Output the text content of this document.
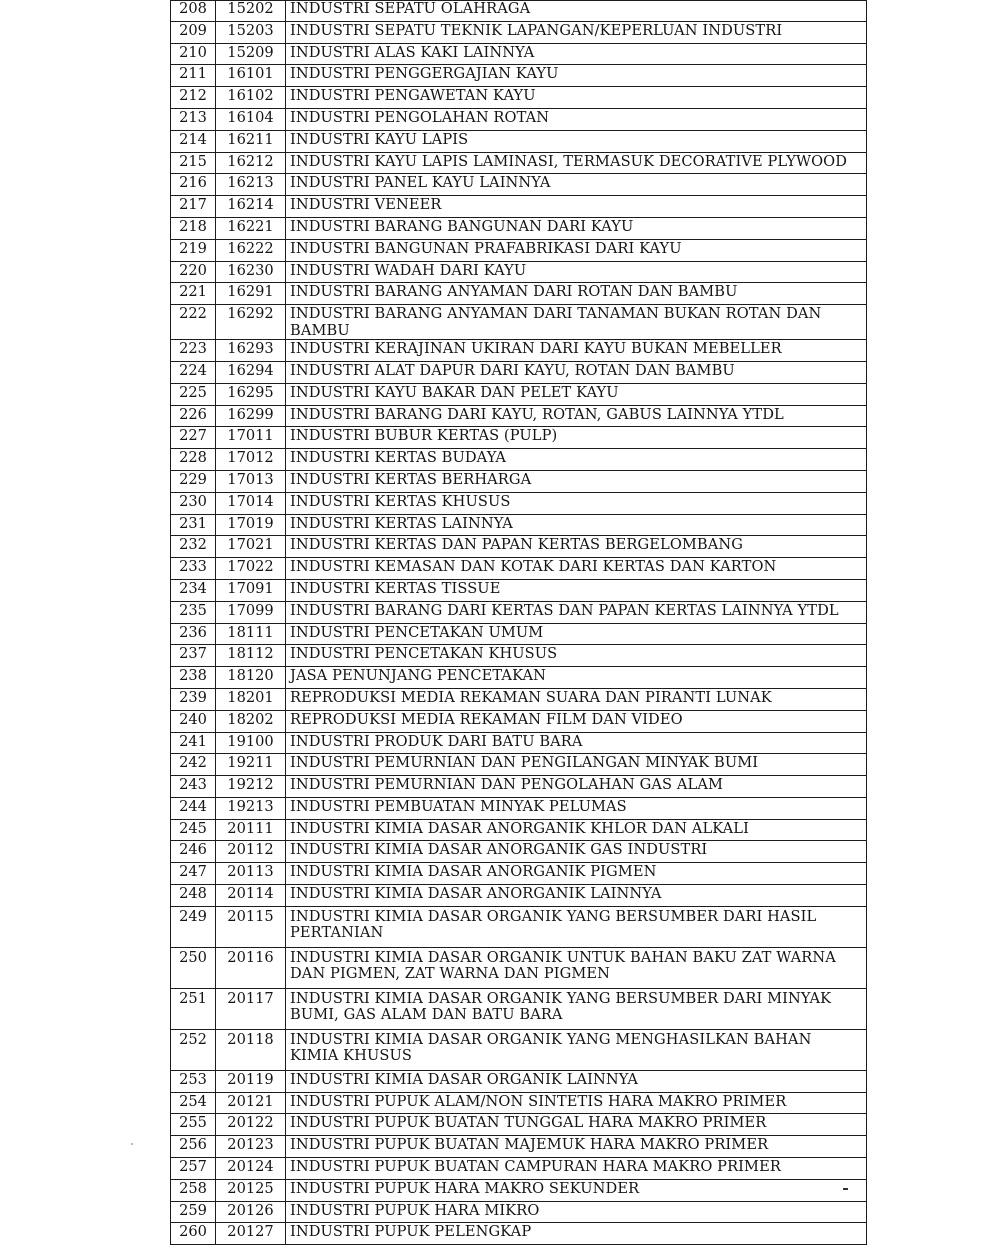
208	15202	INDUSTRI SEPATU OLAHRAGA
209	15203	INDUSTRI SEPATU TEKNIK LAPANGAN/KEPERLUAN INDUSTRI
210	15209	INDUSTRI ALAS KAKI LAINNYA
211	16101	INDUSTRI PENGGERGAJIAN KAYU
212	16102	INDUSTRI PENGAWETAN KAYU
213	16104	INDUSTRI PENGOLAHAN ROTAN
214	16211	INDUSTRI KAYU LAPIS
215	16212	INDUSTRI KAYU LAPIS LAMINASI, TERMASUK DECORATIVE PLYWOOD
216	16213	INDUSTRI PANEL KAYU LAINNYA
217	16214	INDUSTRI VENEER
218	16221	INDUSTRI BARANG BANGUNAN DARI KAYU
219	16222	INDUSTRI BANGUNAN PRAFABRIKASI DARI KAYU
220	16230	INDUSTRI WADAH DARI KAYU
221	16291	INDUSTRI BARANG ANYAMAN DARI ROTAN DAN BAMBU
222	16292	INDUSTRI BARANG ANYAMAN DARI TANAMAN BUKAN ROTAN DAN BAMBU
223	16293	INDUSTRI KERAJINAN UKIRAN DARI KAYU BUKAN MEBELLER
224	16294	INDUSTRI ALAT DAPUR DARI KAYU, ROTAN DAN BAMBU
225	16295	INDUSTRI KAYU BAKAR DAN PELET KAYU
226	16299	INDUSTRI BARANG DARI KAYU, ROTAN, GABUS LAINNYA YTDL
227	17011	INDUSTRI BUBUR KERTAS (PULP)
228	17012	INDUSTRI KERTAS BUDAYA
229	17013	INDUSTRI KERTAS BERHARGA
230	17014	INDUSTRI KERTAS KHUSUS
231	17019	INDUSTRI KERTAS LAINNYA
232	17021	INDUSTRI KERTAS DAN PAPAN KERTAS BERGELOMBANG
233	17022	INDUSTRI KEMASAN DAN KOTAK DARI KERTAS DAN KARTON
234	17091	INDUSTRI KERTAS TISSUE
235	17099	INDUSTRI BARANG DARI KERTAS DAN PAPAN KERTAS LAINNYA YTDL
236	18111	INDUSTRI PENCETAKAN UMUM
237	18112	INDUSTRI PENCETAKAN KHUSUS
238	18120	JASA PENUNJANG PENCETAKAN
239	18201	REPRODUKSI MEDIA REKAMAN SUARA DAN PIRANTI LUNAK
240	18202	REPRODUKSI MEDIA REKAMAN FILM DAN VIDEO
241	19100	INDUSTRI PRODUK DARI BATU BARA
242	19211	INDUSTRI PEMURNIAN DAN PENGILANGAN MINYAK BUMI
243	19212	INDUSTRI PEMURNIAN DAN PENGOLAHAN GAS ALAM
244	19213	INDUSTRI PEMBUATAN MINYAK PELUMAS
245	20111	INDUSTRI KIMIA DASAR ANORGANIK KHLOR DAN ALKALI
246	20112	INDUSTRI KIMIA DASAR ANORGANIK GAS INDUSTRI
247	20113	INDUSTRI KIMIA DASAR ANORGANIK PIGMEN
248	20114	INDUSTRI KIMIA DASAR ANORGANIK LAINNYA
249	20115	INDUSTRI KIMIA DASAR ORGANIK YANG BERSUMBER DARI HASIL PERTANIAN
250	20116	INDUSTRI KIMIA DASAR ORGANIK UNTUK BAHAN BAKU ZAT WARNA DAN PIGMEN, ZAT WARNA DAN PIGMEN
251	20117	INDUSTRI KIMIA DASAR ORGANIK YANG BERSUMBER DARI MINYAK BUMI, GAS ALAM DAN BATU BARA
252	20118	INDUSTRI KIMIA DASAR ORGANIK YANG MENGHASILKAN BAHAN KIMIA KHUSUS
253	20119	INDUSTRI KIMIA DASAR ORGANIK LAINNYA
254	20121	INDUSTRI PUPUK ALAM/NON SINTETIS HARA MAKRO PRIMER
255	20122	INDUSTRI PUPUK BUATAN TUNGGAL HARA MAKRO PRIMER
256	20123	INDUSTRI PUPUK BUATAN MAJEMUK HARA MAKRO PRIMER
257	20124	INDUSTRI PUPUK BUATAN CAMPURAN HARA MAKRO PRIMER
258	20125	INDUSTRI PUPUK HARA MAKRO SEKUNDER
259	20126	INDUSTRI PUPUK HARA MIKRO
260	20127	INDUSTRI PUPUK PELENGKAP
